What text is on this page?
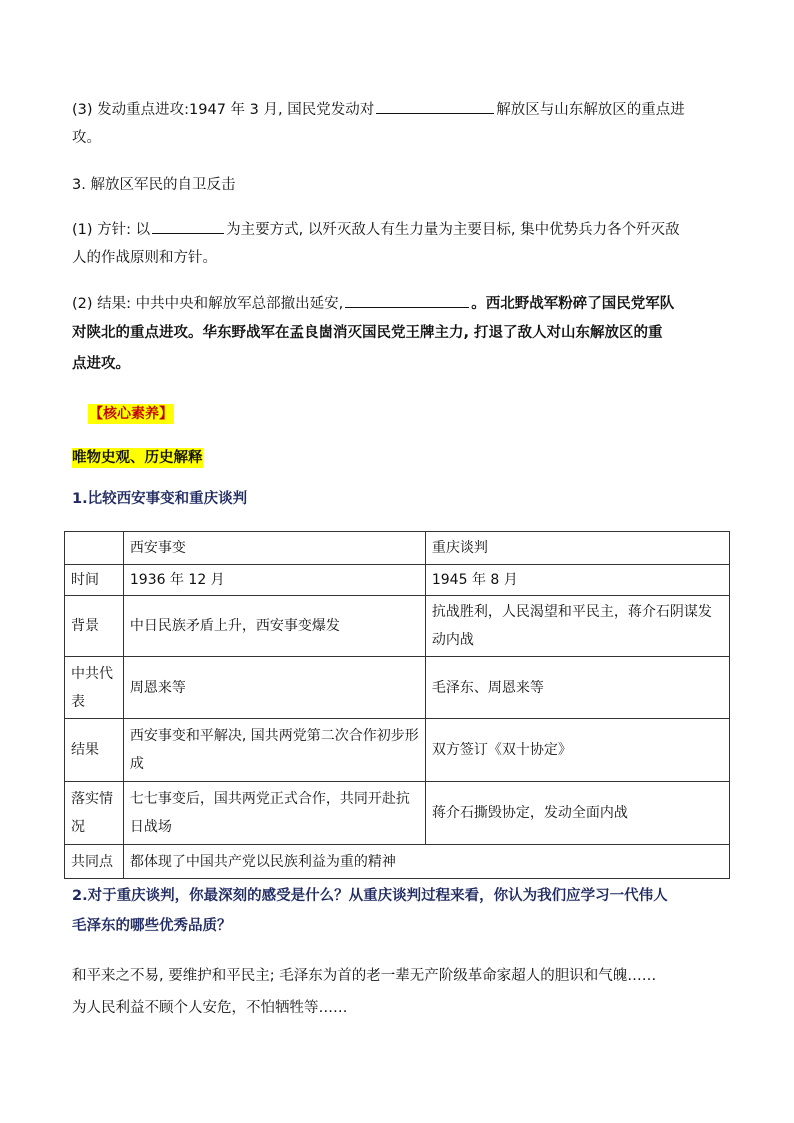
(3) 发动重点进攻:1947 年 3 月, 国民党发动对	解放区与山东解放区的重点进
攻。
3. 解放区军民的自卫反击
(1) 方针: 以	为主要方式, 以歼灭敌人有生力量为主要目标, 集中优势兵力各个歼灭敌
人的作战原则和方针。
(2) 结果: 中共中央和解放军总部撤出延安,	。西北野战军粉碎了国民党军队
对陕北的重点进攻。华东野战军在孟良崮消灭国民党王牌主力, 打退了敌人对山东解放区的重
点进攻。
【核心素养】
唯物史观、历史解释
1.比较西安事变和重庆谈判
	西安事变	重庆谈判
时间	1936 年 12 月	1945 年 8 月
背景	中日民族矛盾上升，西安事变爆发	抗战胜利，人民渴望和平民主，蒋介石阴谋发动内战
中共代表	周恩来等	毛泽东、周恩来等
结果	西安事变和平解决, 国共两党第二次合作初步形成	双方签订《双十协定》
落实情况	七七事变后，国共两党正式合作，共同开赴抗日战场	蒋介石撕毁协定，发动全面内战
共同点	都体现了中国共产党以民族利益为重的精神	
2.对于重庆谈判，你最深刻的感受是什么？从重庆谈判过程来看，你认为我们应学习一代伟人
毛泽东的哪些优秀品质？
和平来之不易, 要维护和平民主; 毛泽东为首的老一辈无产阶级革命家超人的胆识和气魄……
为人民利益不顾个人安危，不怕牺牲等……
